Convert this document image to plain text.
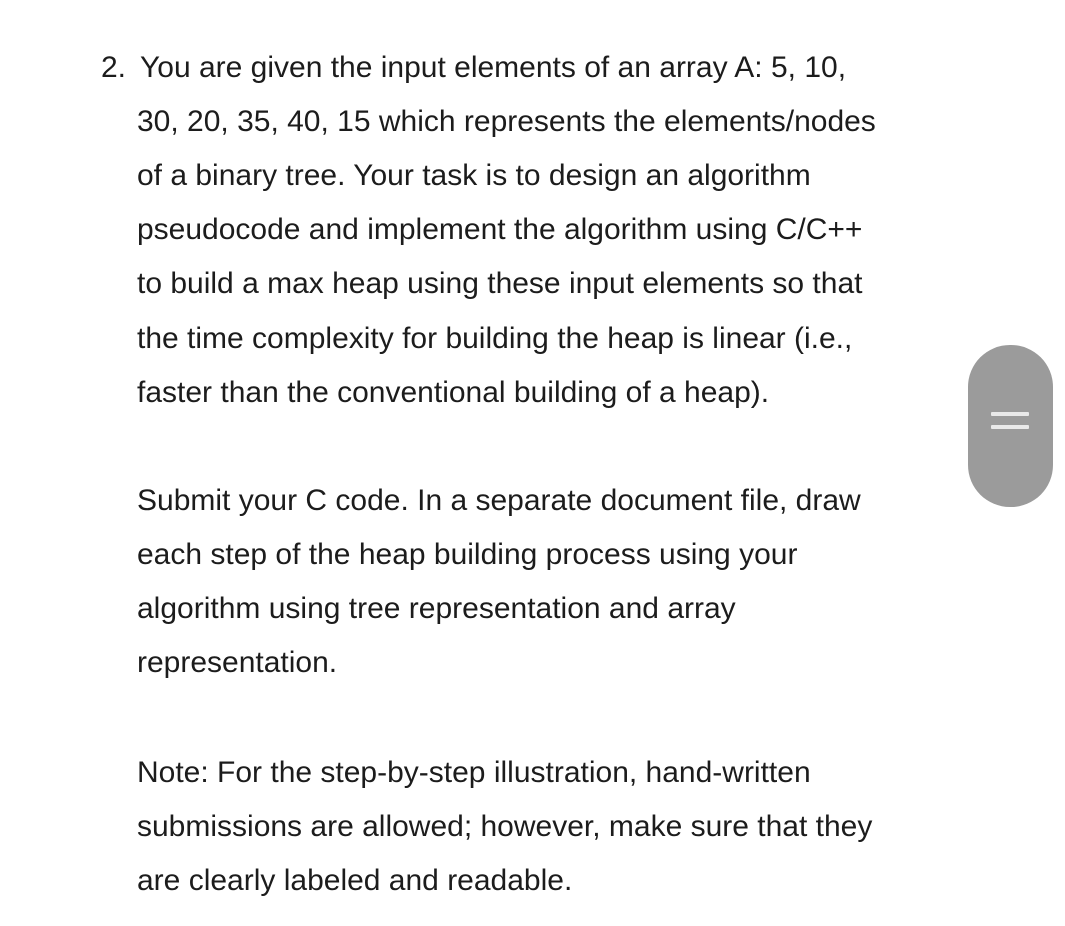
2. You are given the input elements of an array A: 5, 10,
30, 20, 35, 40, 15 which represents the elements/nodes
of a binary tree. Your task is to design an algorithm
pseudocode and implement the algorithm using C/C++
to build a max heap using these input elements so that
the time complexity for building the heap is linear (i.e.,
faster than the conventional building of a heap).
Submit your C code. In a separate document file, draw
each step of the heap building process using your
algorithm using tree representation and array
representation.
Note: For the step-by-step illustration, hand-written
submissions are allowed; however, make sure that they
are clearly labeled and readable.
